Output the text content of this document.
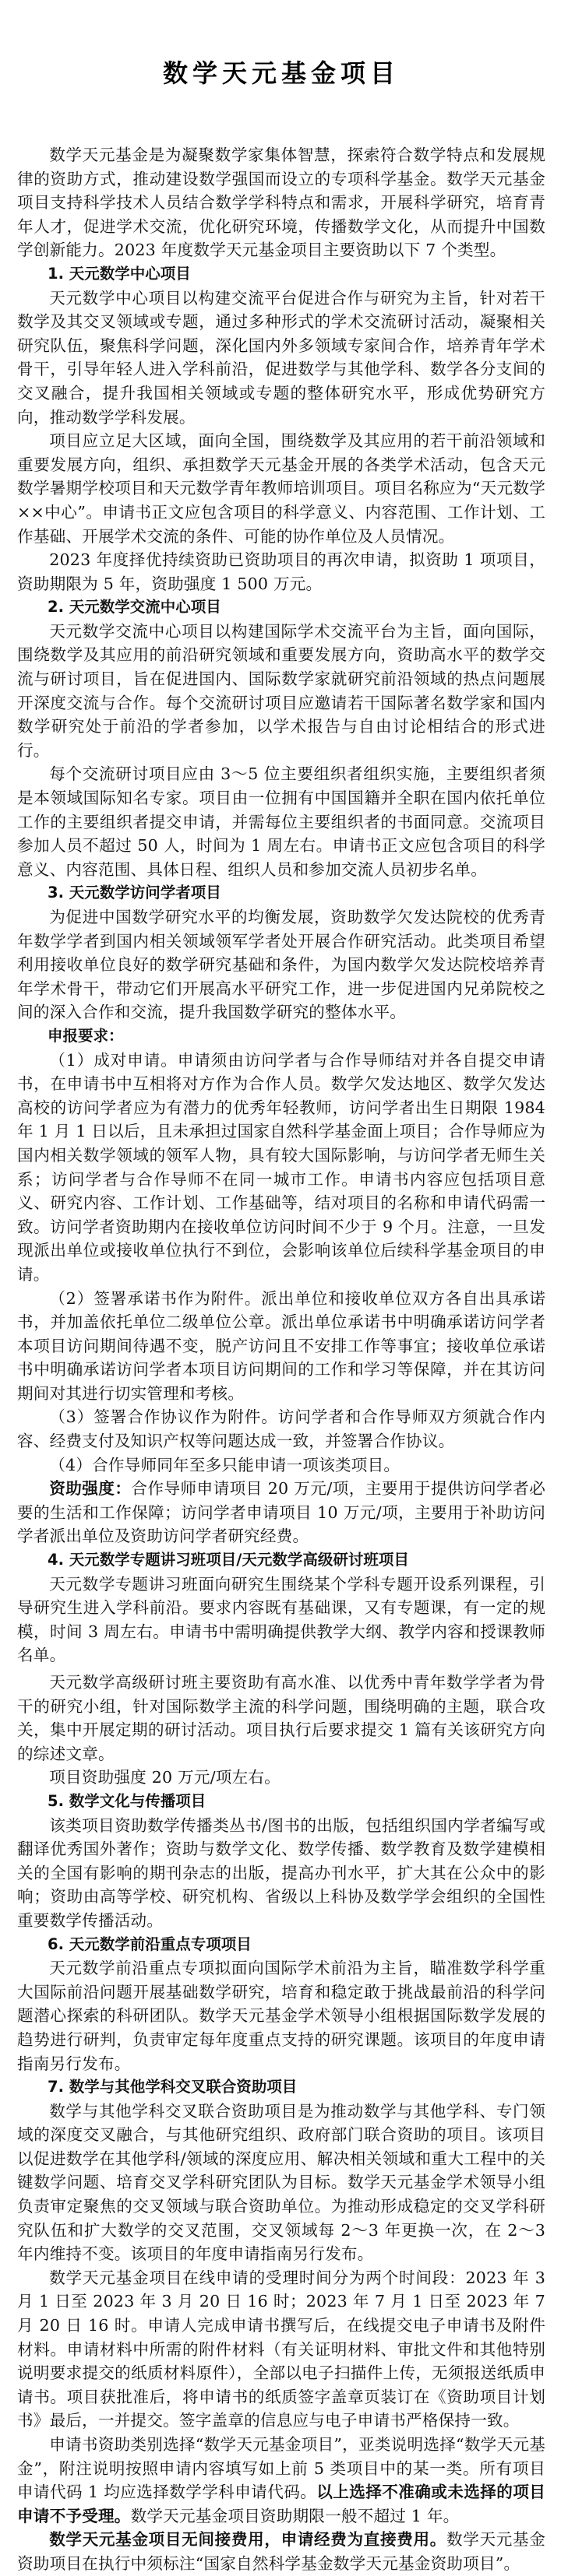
数学天元基金项目

数学天元基金是为凝聚数学家集体智慧，探索符合数学特点和发展规律的资助方式，推动建设数学强国而设立的专项科学基金。数学天元基金项目支持科学技术人员结合数学学科特点和需求，开展科学研究，培育青年人才，促进学术交流，优化研究环境，传播数学文化，从而提升中国数学创新能力。2023 年度数学天元基金项目主要资助以下 7 个类型。

1. 天元数学中心项目

天元数学中心项目以构建交流平台促进合作与研究为主旨，针对若干数学及其交叉领域或专题，通过多种形式的学术交流研讨活动，凝聚相关研究队伍，聚焦科学问题，深化国内外多领域专家间合作，培养青年学术骨干，引导年轻人进入学科前沿，促进数学与其他学科、数学各分支间的交叉融合，提升我国相关领域或专题的整体研究水平，形成优势研究方向，推动数学学科发展。

项目应立足大区域，面向全国，围绕数学及其应用的若干前沿领域和重要发展方向，组织、承担数学天元基金开展的各类学术活动，包含天元数学暑期学校项目和天元数学青年教师培训项目。项目名称应为“天元数学××中心”。申请书正文应包含项目的科学意义、内容范围、工作计划、工作基础、开展学术交流的条件、可能的协作单位及人员情况。

2023 年度择优持续资助已资助项目的再次申请，拟资助 1 项项目，资助期限为 5 年，资助强度 1 500 万元。

2. 天元数学交流中心项目

天元数学交流中心项目以构建国际学术交流平台为主旨，面向国际，围绕数学及其应用的前沿研究领域和重要发展方向，资助高水平的数学交流与研讨项目，旨在促进国内、国际数学家就研究前沿领域的热点问题展开深度交流与合作。每个交流研讨项目应邀请若干国际著名数学家和国内数学研究处于前沿的学者参加，以学术报告与自由讨论相结合的形式进行。

每个交流研讨项目应由 3～5 位主要组织者组织实施，主要组织者须是本领域国际知名专家。项目由一位拥有中国国籍并全职在国内依托单位工作的主要组织者提交申请，并需每位主要组织者的书面同意。交流项目参加人员不超过 50 人，时间为 1 周左右。申请书正文应包含项目的科学意义、内容范围、具体日程、组织人员和参加交流人员初步名单。

3. 天元数学访问学者项目

为促进中国数学研究水平的均衡发展，资助数学欠发达院校的优秀青年数学学者到国内相关领域领军学者处开展合作研究活动。此类项目希望利用接收单位良好的数学研究基础和条件，为国内数学欠发达院校培养青年学术骨干，带动它们开展高水平研究工作，进一步促进国内兄弟院校之间的深入合作和交流，提升我国数学研究的整体水平。

申报要求：

（1）成对申请。申请须由访问学者与合作导师结对并各自提交申请书，在申请书中互相将对方作为合作人员。数学欠发达地区、数学欠发达高校的访问学者应为有潜力的优秀年轻教师，访问学者出生日期限 1984 年 1 月 1 日以后，且未承担过国家自然科学基金面上项目；合作导师应为国内相关数学领域的领军人物，具有较大国际影响，与访问学者无师生关系；访问学者与合作导师不在同一城市工作。申请书内容应包括项目意义、研究内容、工作计划、工作基础等，结对项目的名称和申请代码需一致。访问学者资助期内在接收单位访问时间不少于 9 个月。注意，一旦发现派出单位或接收单位执行不到位，会影响该单位后续科学基金项目的申请。

（2）签署承诺书作为附件。派出单位和接收单位双方各自出具承诺书，并加盖依托单位二级单位公章。派出单位承诺书中明确承诺访问学者本项目访问期间待遇不变，脱产访问且不安排工作等事宜；接收单位承诺书中明确承诺访问学者本项目访问期间的工作和学习等保障，并在其访问期间对其进行切实管理和考核。

（3）签署合作协议作为附件。访问学者和合作导师双方须就合作内容、经费支付及知识产权等问题达成一致，并签署合作协议。

（4）合作导师同年至多只能申请一项该类项目。

资助强度：合作导师申请项目 20 万元/项，主要用于提供访问学者必要的生活和工作保障；访问学者申请项目 10 万元/项，主要用于补助访问学者派出单位及资助访问学者研究经费。

4. 天元数学专题讲习班项目/天元数学高级研讨班项目

天元数学专题讲习班面向研究生围绕某个学科专题开设系列课程，引导研究生进入学科前沿。要求内容既有基础课，又有专题课，有一定的规模，时间 3 周左右。申请书中需明确提供教学大纲、教学内容和授课教师名单。

天元数学高级研讨班主要资助有高水准、以优秀中青年数学学者为骨干的研究小组，针对国际数学主流的科学问题，围绕明确的主题，联合攻关，集中开展定期的研讨活动。项目执行后要求提交 1 篇有关该研究方向的综述文章。

项目资助强度 20 万元/项左右。

5. 数学文化与传播项目

该类项目资助数学传播类丛书/图书的出版，包括组织国内学者编写或翻译优秀国外著作；资助与数学文化、数学传播、数学教育及数学建模相关的全国有影响的期刊杂志的出版，提高办刊水平，扩大其在公众中的影响；资助由高等学校、研究机构、省级以上科协及数学学会组织的全国性重要数学传播活动。

6. 天元数学前沿重点专项项目

天元数学前沿重点专项拟面向国际学术前沿为主旨，瞄准数学科学重大国际前沿问题开展基础数学研究，培育和稳定敢于挑战最前沿的科学问题潜心探索的科研团队。数学天元基金学术领导小组根据国际数学发展的趋势进行研判，负责审定每年度重点支持的研究课题。该项目的年度申请指南另行发布。

7. 数学与其他学科交叉联合资助项目

数学与其他学科交叉联合资助项目是为推动数学与其他学科、专门领域的深度交叉融合，与其他研究组织、政府部门联合资助的项目。该项目以促进数学在其他学科/领域的深度应用、解决相关领域和重大工程中的关键数学问题、培育交叉学科研究团队为目标。数学天元基金学术领导小组负责审定聚焦的交叉领域与联合资助单位。为推动形成稳定的交叉学科研究队伍和扩大数学的交叉范围，交叉领域每 2～3 年更换一次，在 2～3 年内维持不变。该项目的年度申请指南另行发布。

数学天元基金项目在线申请的受理时间分为两个时间段：2023 年 3 月 1 日至 2023 年 3 月 20 日 16 时；2023 年 7 月 1 日至 2023 年 7 月 20 日 16 时。申请人完成申请书撰写后，在线提交电子申请书及附件材料。申请材料中所需的附件材料（有关证明材料、审批文件和其他特别说明要求提交的纸质材料原件），全部以电子扫描件上传，无须报送纸质申请书。项目获批准后，将申请书的纸质签字盖章页装订在《资助项目计划书》最后，一并提交。签字盖章的信息应与电子申请书严格保持一致。

申请书资助类别选择“数学天元基金项目”，亚类说明选择“数学天元基金”，附注说明按照申请内容填写如上前 5 类项目中的某一类。所有项目申请代码 1 均应选择数学学科申请代码。以上选择不准确或未选择的项目申请不予受理。数学天元基金项目资助期限一般不超过 1 年。

数学天元基金项目无间接费用，申请经费为直接费用。数学天元基金资助项目在执行中须标注“国家自然科学基金数学天元基金资助项目”。
